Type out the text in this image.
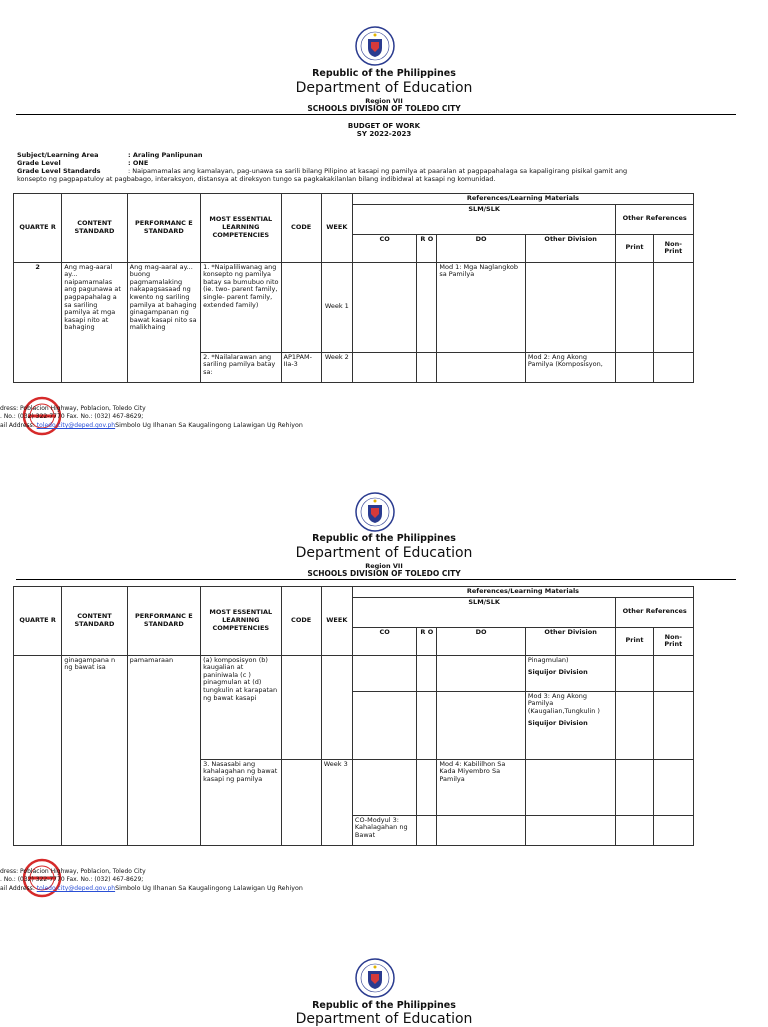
Republic of the Philippines
Department of Education
Region VII
SCHOOLS DIVISION OF TOLEDO CITY
BUDGET OF WORK
SY 2022-2023
Subject/Learning Area	: Araling Panlipunan
Grade Level	: ONE
Grade Level Standards	: Naipamamalas ang kamalayan, pag-unawa sa sarili bilang Pilipino at kasapi ng pamilya at paaralan at pagpapahalaga sa kapaligirang pisikal gamit ang
konsepto ng pagpapatuloy at pagbabago, interaksyon, distansya at direksyon tungo sa pagkakakilanlan bilang indibidwal at kasapi ng komunidad.
QUARTE R	CONTENT STANDARD	PERFORMANC E STANDARD	MOST ESSENTIAL LEARNING COMPETENCIES	CODE	WEEK	References/Learning Materials					
						SLM/SLK				Other References	
						CO	R O	DO	Other Division	Print	Non- Print
2	Ang mag-aaral ay... naipamamalas ang pagunawa at pagpapahalag a sa sariling pamilya at mga kasapi nito at bahaging	Ang mag-aaral ay... buong pagmamalaking nakapagsasaad ng kwento ng sariling pamilya at bahaging ginagampanan ng bawat kasapi nito sa malikhaing	1. *Naipaliliwanag ang konsepto ng pamilya batay sa bumubuo nito (ie. two- parent family, single- parent family, extended family)		Week 1			Mod 1: Mga Naglangkob sa Pamilya			
			2. *Nailalarawan ang sariling pamilya batay sa:	AP1PAM- IIa-3	Week 2				Mod 2: Ang Akong Pamilya (Komposisyon,		
dress: Poblacion Highway, Poblacion, Toledo City
. No.: (032) 322-7770 Fax. No.: (032) 467-8629;
ail Address: toledo.city@deped.gov.phSimbolo Ug Ilhanan Sa Kaugalingong Lalawigan Ug Rehiyon
Republic of the Philippines
Department of Education
Region VII
SCHOOLS DIVISION OF TOLEDO CITY
QUARTE R	CONTENT STANDARD	PERFORMANC E STANDARD	MOST ESSENTIAL LEARNING COMPETENCIES	CODE	WEEK	References/Learning Materials					
						SLM/SLK				Other References	
						CO	R O	DO	Other Division	Print	Non- Print
	ginagampana n ng bawat isa	pamamaraan	(a) komposisyon (b) kaugalian at paniniwala (c ) pinagmulan at (d) tungkulin at karapatan ng bawat kasapi						Pinagmulan)
Siquijor Division		

									Mod 3: Ang Akong Pamilya (Kaugalian,Tungkulin )
Siquijor Division		

			3. Nasasabi ang kahalagahan ng bawat kasapi ng pamilya		Week 3			Mod 4: Kabililhon Sa Kada Miyembro Sa Pamilya			
						CO-Modyul 3: Kahalagahan ng Bawat					
dress: Poblacion Highway, Poblacion, Toledo City
. No.: (032) 322-7770 Fax. No.: (032) 467-8629;
ail Address: toledo.city@deped.gov.phSimbolo Ug Ilhanan Sa Kaugalingong Lalawigan Ug Rehiyon
Republic of the Philippines
Department of Education
